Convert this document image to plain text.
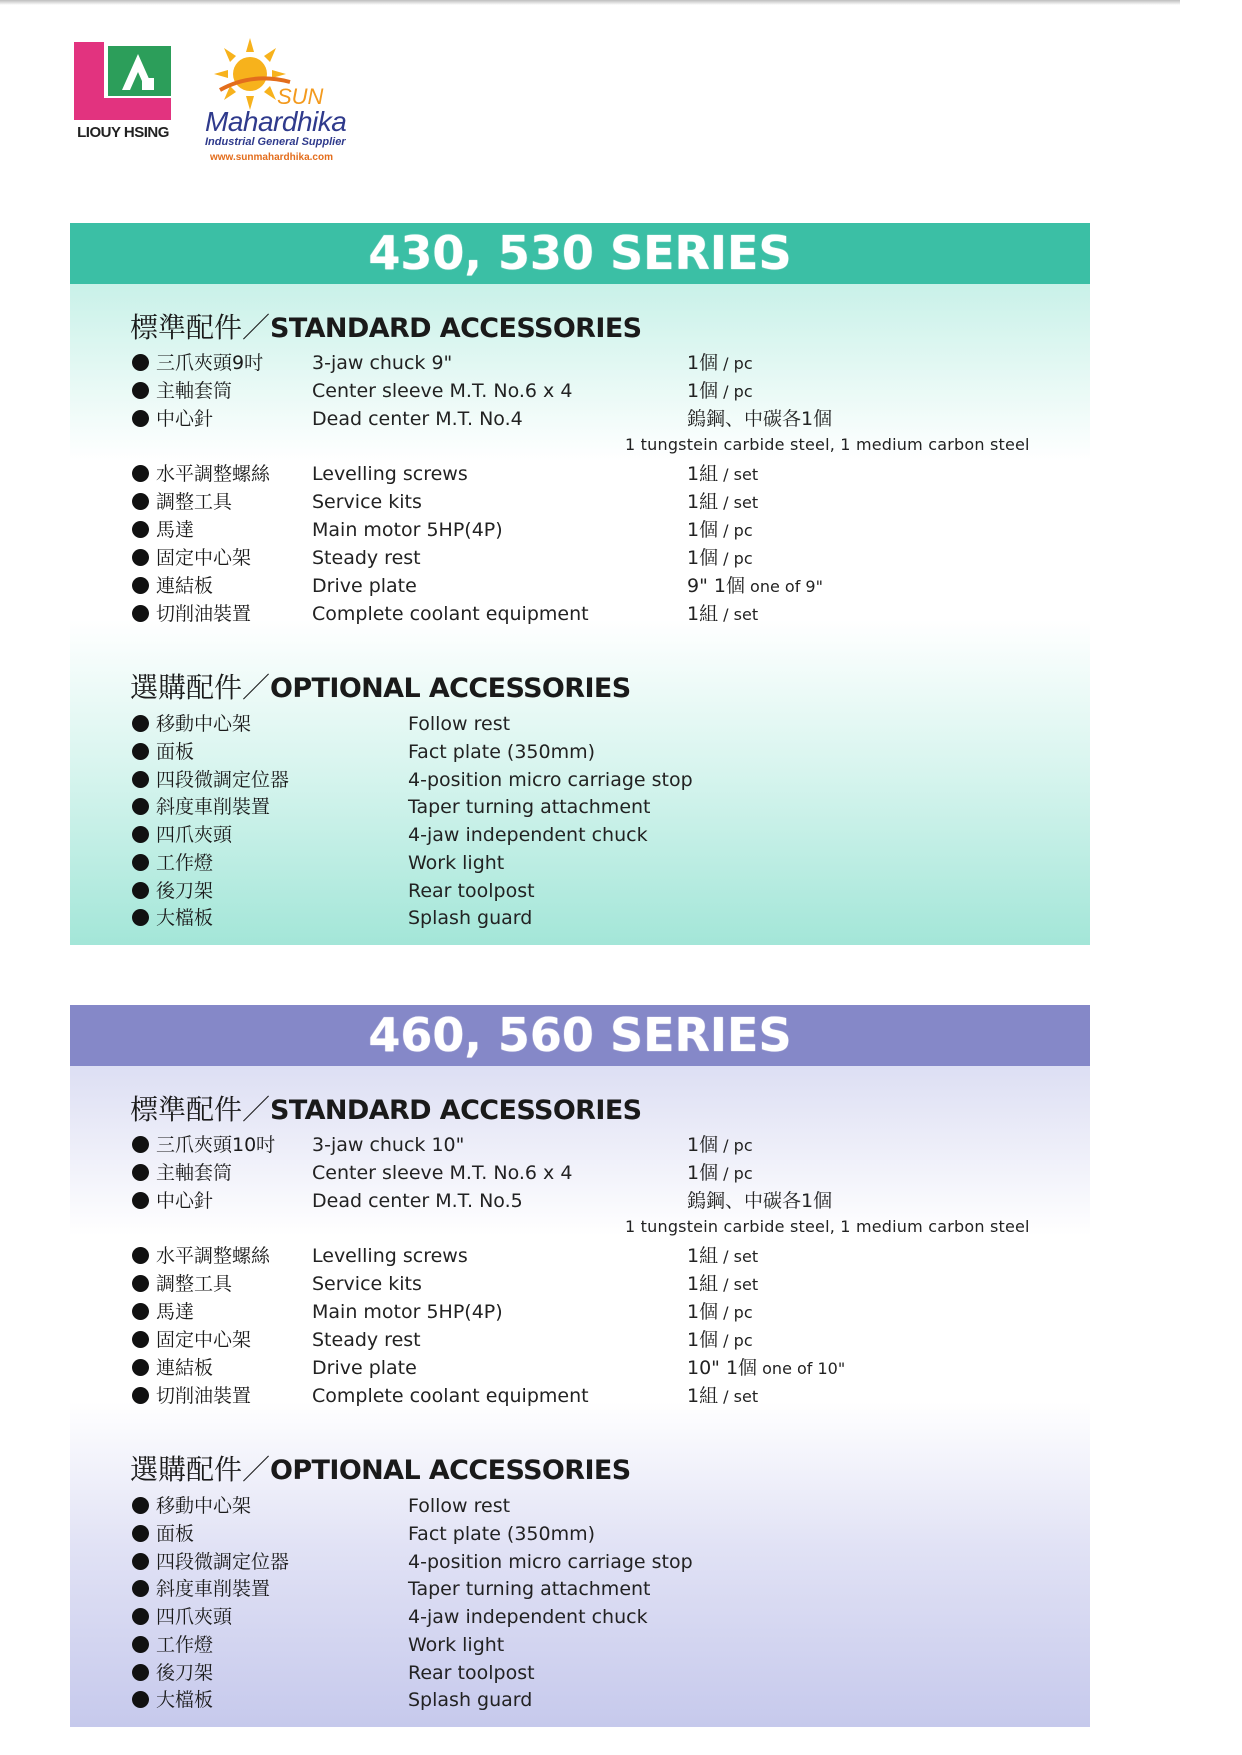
LIOUY HSING
SUN
Mahardhika
Industrial General Supplier
www.sunmahardhika.com
430, 530 SERIES
標準配件／STANDARD ACCESSORIES
三爪夾頭9吋	3-jaw chuck 9"	1個 / pc
主軸套筒	Center sleeve M.T. No.6 x 4	1個 / pc
中心針	Dead center M.T. No.4	鎢鋼、中碳各1個
1 tungstein carbide steel, 1 medium carbon steel
水平調整螺絲 Levelling screws	1組 / set
調整工具	Service kits	1組 / set
馬達	Main motor 5HP(4P)	1個 / pc
固定中心架	Steady rest	1個 / pc
連結板	Drive plate	9" 1個 one of 9"
切削油裝置	Complete coolant equipment	1組 / set
選購配件／OPTIONAL ACCESSORIES
移動中心架	Follow rest
面板	Fact plate (350mm)
四段微調定位器	4-position micro carriage stop
斜度車削裝置	Taper turning attachment
四爪夾頭	4-jaw independent chuck
工作燈	Work light
後刀架	Rear toolpost
大檔板	Splash guard
460, 560 SERIES
標準配件／STANDARD ACCESSORIES
三爪夾頭10吋 3-jaw chuck 10"	1個 / pc
主軸套筒	Center sleeve M.T. No.6 x 4	1個 / pc
中心針	Dead center M.T. No.5	鎢鋼、中碳各1個
1 tungstein carbide steel, 1 medium carbon steel
水平調整螺絲 Levelling screws	1組 / set
調整工具	Service kits	1組 / set
馬達	Main motor 5HP(4P)	1個 / pc
固定中心架	Steady rest	1個 / pc
連結板	Drive plate	10" 1個 one of 10"
切削油裝置	Complete coolant equipment	1組 / set
選購配件／OPTIONAL ACCESSORIES
移動中心架	Follow rest
面板	Fact plate (350mm)
四段微調定位器	4-position micro carriage stop
斜度車削裝置	Taper turning attachment
四爪夾頭	4-jaw independent chuck
工作燈	Work light
後刀架	Rear toolpost
大檔板	Splash guard
